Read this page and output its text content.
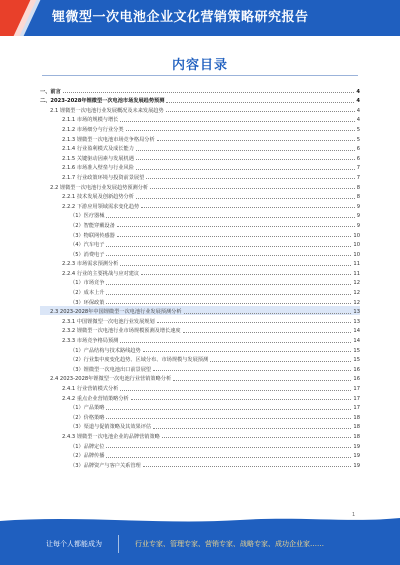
锂微型一次电池企业文化营销策略研究报告
内容目录
一、前言	4
二、2023-2028年锂微型一次电池市场发展趋势预测	4
2.1 锂微型一次电池行业发展概况及未来发展趋势	4
2.1.1 市场的规模与增长	4
2.1.2 市场细分与行业分类	5
2.1.3 锂微型一次电池市场竞争格局分析	5
2.1.4 行业盈利模式及成长能力	6
2.1.5 关键驱动因素与发展机遇	6
2.1.6 市场准入壁垒与行业风险	7
2.1.7 行业政策环境与投资前景展望	7
2.2 锂微型一次电池行业发展趋势预测分析	8
2.2.1 技术发展及创新趋势分析	8
2.2.2 下游应用领域需求变化趋势	9
（1）医疗器械	9
（2）智能穿戴设备	9
（3）物联网传感器	10
（4）汽车电子	10
（5）消费电子	10
2.2.3 市场需求预测分析	11
2.2.4 行业的主要挑战与应对建议	11
（1）市场竞争	12
（2）成本上升	12
（3）环保政策	12
2.3 2023-2028年中国锂微型一次电池行业发展预测分析	13
2.3.1 中国锂微型一次电池行业发展规划	13
2.3.2 锂微型一次电池行业市场规模预测及增长速度	14
2.3.3 市场竞争格局预测	14
（1）产品结构与技术路线趋势	15
（2）行业集中度变化趋势、区域分布、市场规模与发展预测	15
（3）锂微型一次电池出口前景展望	16
2.4 2023-2028年锂微型一次电池行业营销策略分析	16
2.4.1 行业营销模式分析	17
2.4.2 重点企业营销策略分析	17
（1）产品策略	17
（2）价格策略	18
（3）渠道与促销策略及其效果评估	18
2.4.3 锂微型一次电池企业的品牌营销策略	18
（1）品牌定位	19
（2）品牌传播	19
（3）品牌资产与客户关系管理	19
1
让每个人都能成为	行业专家、管理专家、营销专家、战略专家、成功企业家……
